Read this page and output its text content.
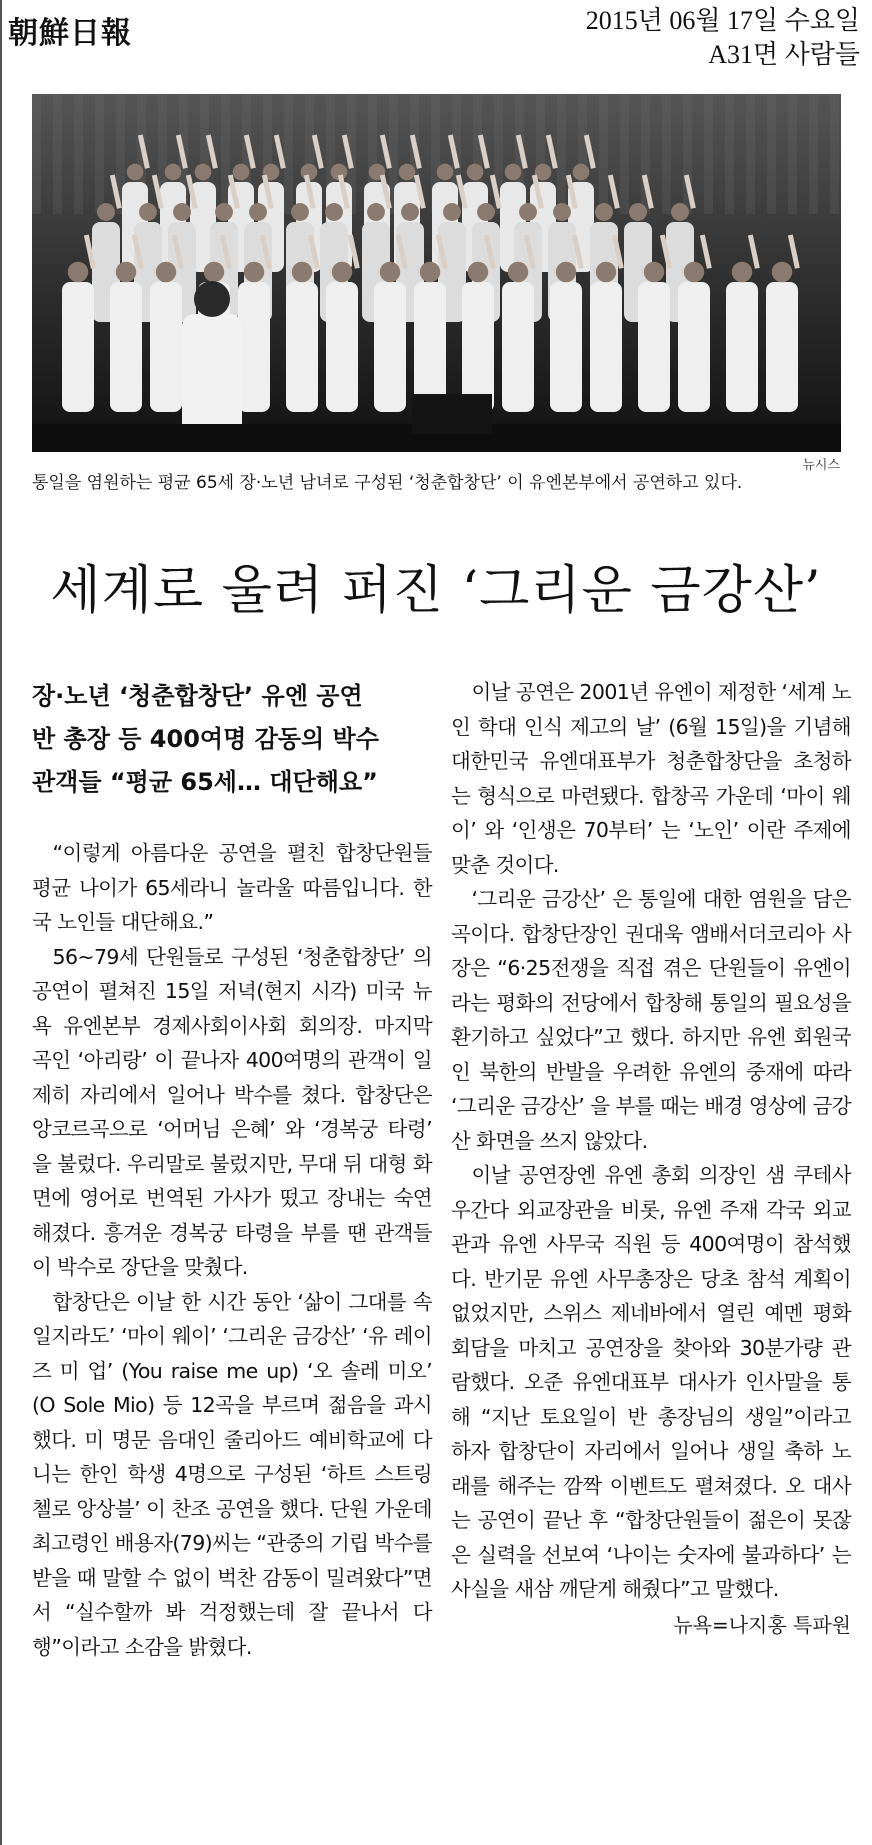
朝鮮日報	2015년 06월 17일 수요일
A31면 사람들
뉴시스
통일을 염원하는 평균 65세 장·노년 남녀로 구성된 ‘청춘합창단’ 이 유엔본부에서 공연하고 있다.
세계로 울려 퍼진 ‘그리운 금강산’
장·노년 ‘청춘합창단’ 유엔 공연
반 총장 등 400여명 감동의 박수
관객들 “평균 65세… 대단해요”

“이렇게 아름다운 공연을 펼친 합창단원들 평균 나이가 65세라니 놀라울 따름입니다. 한국 노인들 대단해요.”

56~79세 단원들로 구성된 ‘청춘합창단’ 의 공연이 펼쳐진 15일 저녁(현지 시각) 미국 뉴욕 유엔본부 경제사회이사회 회의장. 마지막 곡인 ‘아리랑’ 이 끝나자 400여명의 관객이 일제히 자리에서 일어나 박수를 쳤다. 합창단은 앙코르곡으로 ‘어머님 은혜’ 와 ‘경복궁 타령’ 을 불렀다. 우리말로 불렀지만, 무대 뒤 대형 화면에 영어로 번역된 가사가 떴고 장내는 숙연해졌다. 흥겨운 경복궁 타령을 부를 땐 관객들이 박수로 장단을 맞췄다.

합창단은 이날 한 시간 동안 ‘삶이 그대를 속일지라도’ ‘마이 웨이’ ‘그리운 금강산’ ‘유 레이즈 미 업’ (You raise me up) ‘오 솔레 미오’ (O Sole Mio) 등 12곡을 부르며 젊음을 과시했다. 미 명문 음대인 줄리아드 예비학교에 다니는 한인 학생 4명으로 구성된 ‘하트 스트링 첼로 앙상블’ 이 찬조 공연을 했다. 단원 가운데 최고령인 배용자(79)씨는 “관중의 기립 박수를 받을 때 말할 수 없이 벅찬 감동이 밀려왔다”면서 “실수할까 봐 걱정했는데 잘 끝나서 다행”이라고 소감을 밝혔다.

이날 공연은 2001년 유엔이 제정한 ‘세계 노인 학대 인식 제고의 날’ (6월 15일)을 기념해 대한민국 유엔대표부가 청춘합창단을 초청하는 형식으로 마련됐다. 합창곡 가운데 ‘마이 웨이’ 와 ‘인생은 70부터’ 는 ‘노인’ 이란 주제에 맞춘 것이다.

‘그리운 금강산’ 은 통일에 대한 염원을 담은 곡이다. 합창단장인 권대욱 앰배서더코리아 사장은 “6·25전쟁을 직접 겪은 단원들이 유엔이라는 평화의 전당에서 합창해 통일의 필요성을 환기하고 싶었다”고 했다. 하지만 유엔 회원국인 북한의 반발을 우려한 유엔의 중재에 따라 ‘그리운 금강산’ 을 부를 때는 배경 영상에 금강산 화면을 쓰지 않았다.

이날 공연장엔 유엔 총회 의장인 샘 쿠테사 우간다 외교장관을 비롯, 유엔 주재 각국 외교관과 유엔 사무국 직원 등 400여명이 참석했다. 반기문 유엔 사무총장은 당초 참석 계획이 없었지만, 스위스 제네바에서 열린 예멘 평화회담을 마치고 공연장을 찾아와 30분가량 관람했다. 오준 유엔대표부 대사가 인사말을 통해 “지난 토요일이 반 총장님의 생일”이라고 하자 합창단이 자리에서 일어나 생일 축하 노래를 해주는 깜짝 이벤트도 펼쳐졌다. 오 대사는 공연이 끝난 후 “합창단원들이 젊은이 못잖은 실력을 선보여 ‘나이는 숫자에 불과하다’ 는 사실을 새삼 깨닫게 해줬다”고 말했다.

뉴욕=나지홍 특파원
